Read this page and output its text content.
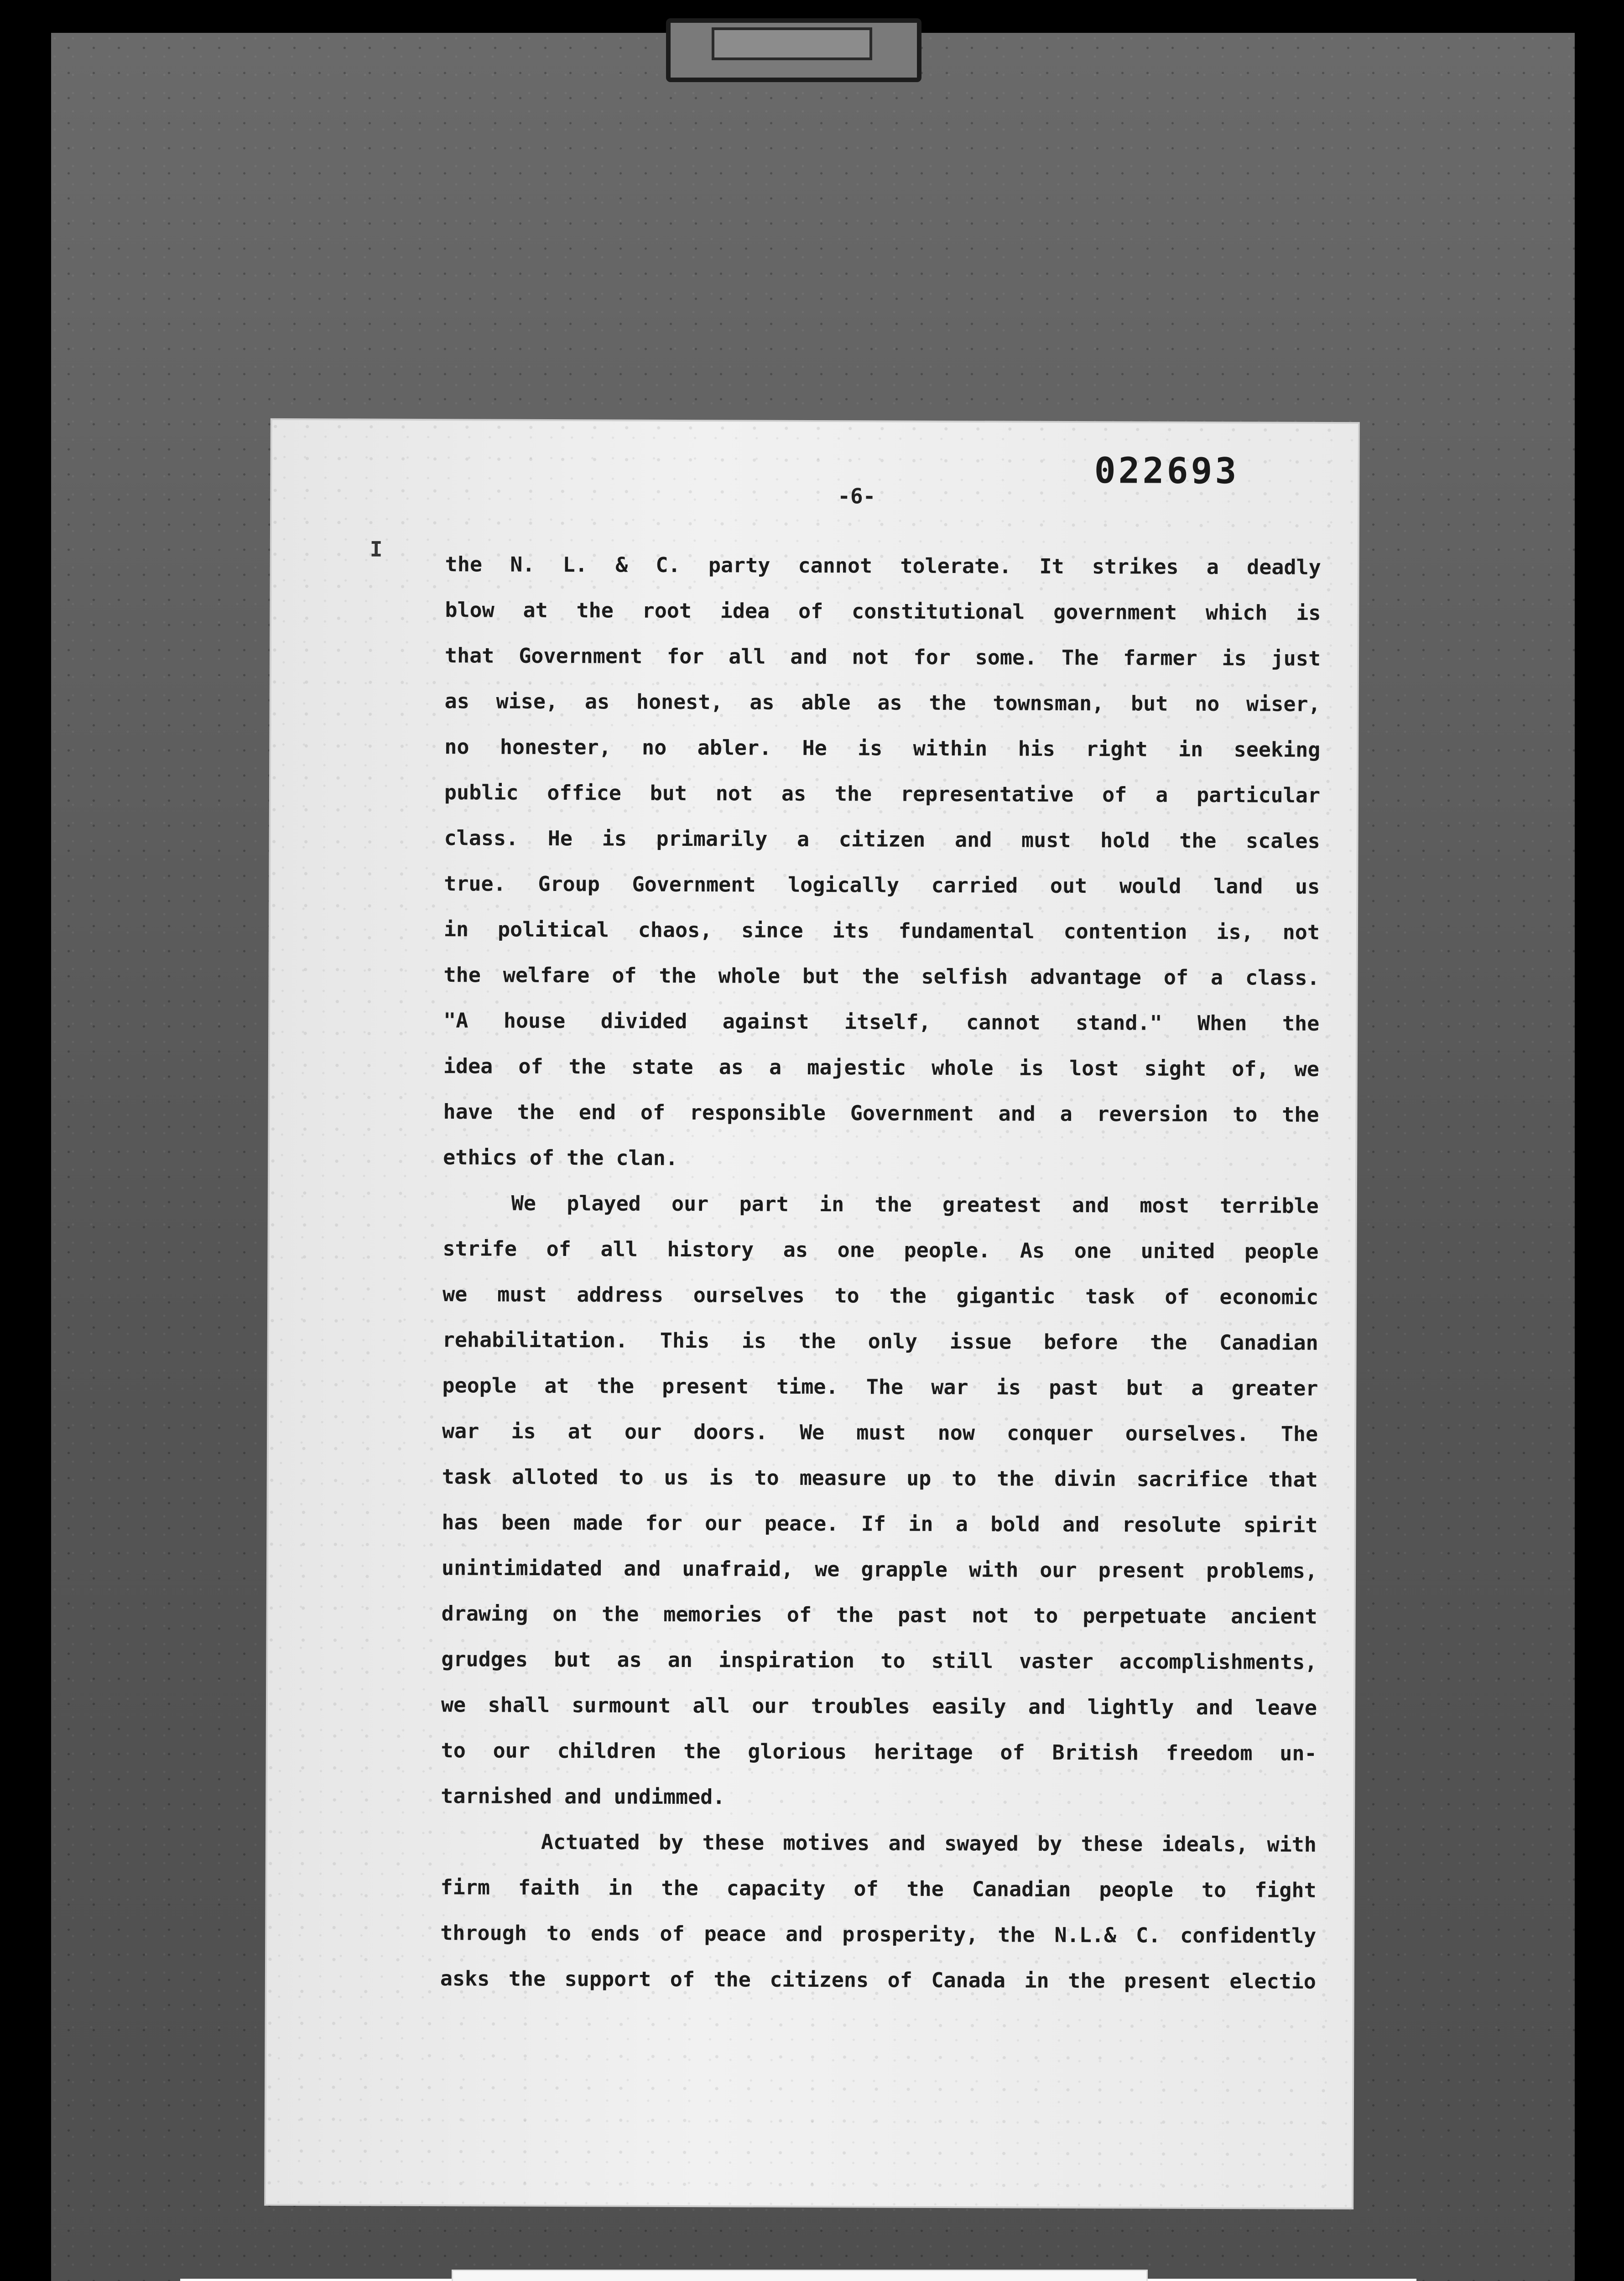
022693
-6-
I
the N. L. & C. party cannot tolerate. It strikes a deadly
blow at the root idea of constitutional government which is
that Government for all and not for some. The farmer is just
as wise, as honest, as able as the townsman, but no wiser,
no honester, no abler. He is within his right in seeking
public office but not as the representative of a particular
class. He is primarily a citizen and must hold the scales
true. Group Government logically carried out would land us
in political chaos, since its fundamental contention is, not
the welfare of the whole but the selfish advantage of a class.
"A house divided against itself, cannot stand." When the
idea of the state as a majestic whole is lost sight of, we
have the end of responsible Government and a reversion to the
ethics of the clan.
We played our part in the greatest and most terrible
strife of all history as one people. As one united people
we must address ourselves to the gigantic task of economic
rehabilitation. This is the only issue before the Canadian
people at the present time. The war is past but a greater
war is at our doors. We must now conquer ourselves. The
task alloted to us is to measure up to the divin sacrifice that
has been made for our peace. If in a bold and resolute spirit
unintimidated and unafraid, we grapple with our present problems,
drawing on the memories of the past not to perpetuate ancient
grudges but as an inspiration to still vaster accomplishments,
we shall surmount all our troubles easily and lightly and leave
to our children the glorious heritage of British freedom un-
tarnished and undimmed.
Actuated by these motives and swayed by these ideals, with
firm faith in the capacity of the Canadian people to fight
through to ends of peace and prosperity, the N.L.& C. confidently
asks the support of the citizens of Canada in the present electio
